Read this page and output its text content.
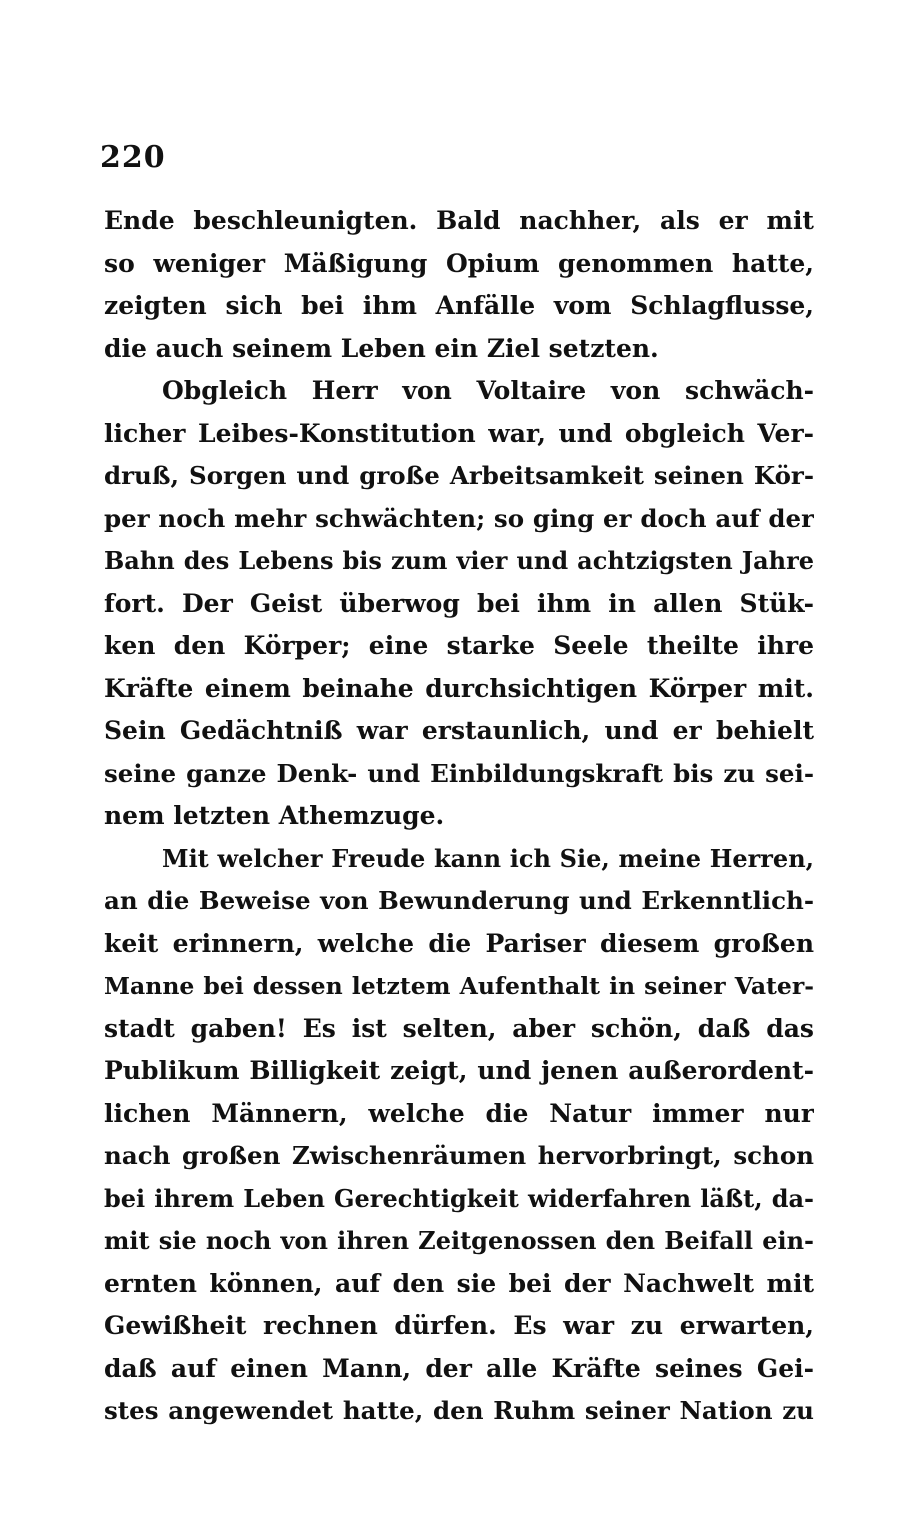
220
Ende beschleunigten. Bald nachher, als er mit
so weniger Mäßigung Opium genommen hatte,
zeigten sich bei ihm Anfälle vom Schlagflusse,
die auch seinem Leben ein Ziel setzten.
Obgleich Herr von Voltaire von schwäch-
licher Leibes-Konstitution war, und obgleich Ver-
druß, Sorgen und große Arbeitsamkeit seinen Kör-
per noch mehr schwächten; so ging er doch auf der
Bahn des Lebens bis zum vier und achtzigsten Jahre
fort. Der Geist überwog bei ihm in allen Stük-
ken den Körper; eine starke Seele theilte ihre
Kräfte einem beinahe durchsichtigen Körper mit.
Sein Gedächtniß war erstaunlich, und er behielt
seine ganze Denk- und Einbildungskraft bis zu sei-
nem letzten Athemzuge.
Mit welcher Freude kann ich Sie, meine Herren,
an die Beweise von Bewunderung und Erkenntlich-
keit erinnern, welche die Pariser diesem großen
Manne bei dessen letztem Aufenthalt in seiner Vater-
stadt gaben! Es ist selten, aber schön, daß das
Publikum Billigkeit zeigt, und jenen außerordent-
lichen Männern, welche die Natur immer nur
nach großen Zwischenräumen hervorbringt, schon
bei ihrem Leben Gerechtigkeit widerfahren läßt, da-
mit sie noch von ihren Zeitgenossen den Beifall ein-
ernten können, auf den sie bei der Nachwelt mit
Gewißheit rechnen dürfen. Es war zu erwarten,
daß auf einen Mann, der alle Kräfte seines Gei-
stes angewendet hatte, den Ruhm seiner Nation zu
